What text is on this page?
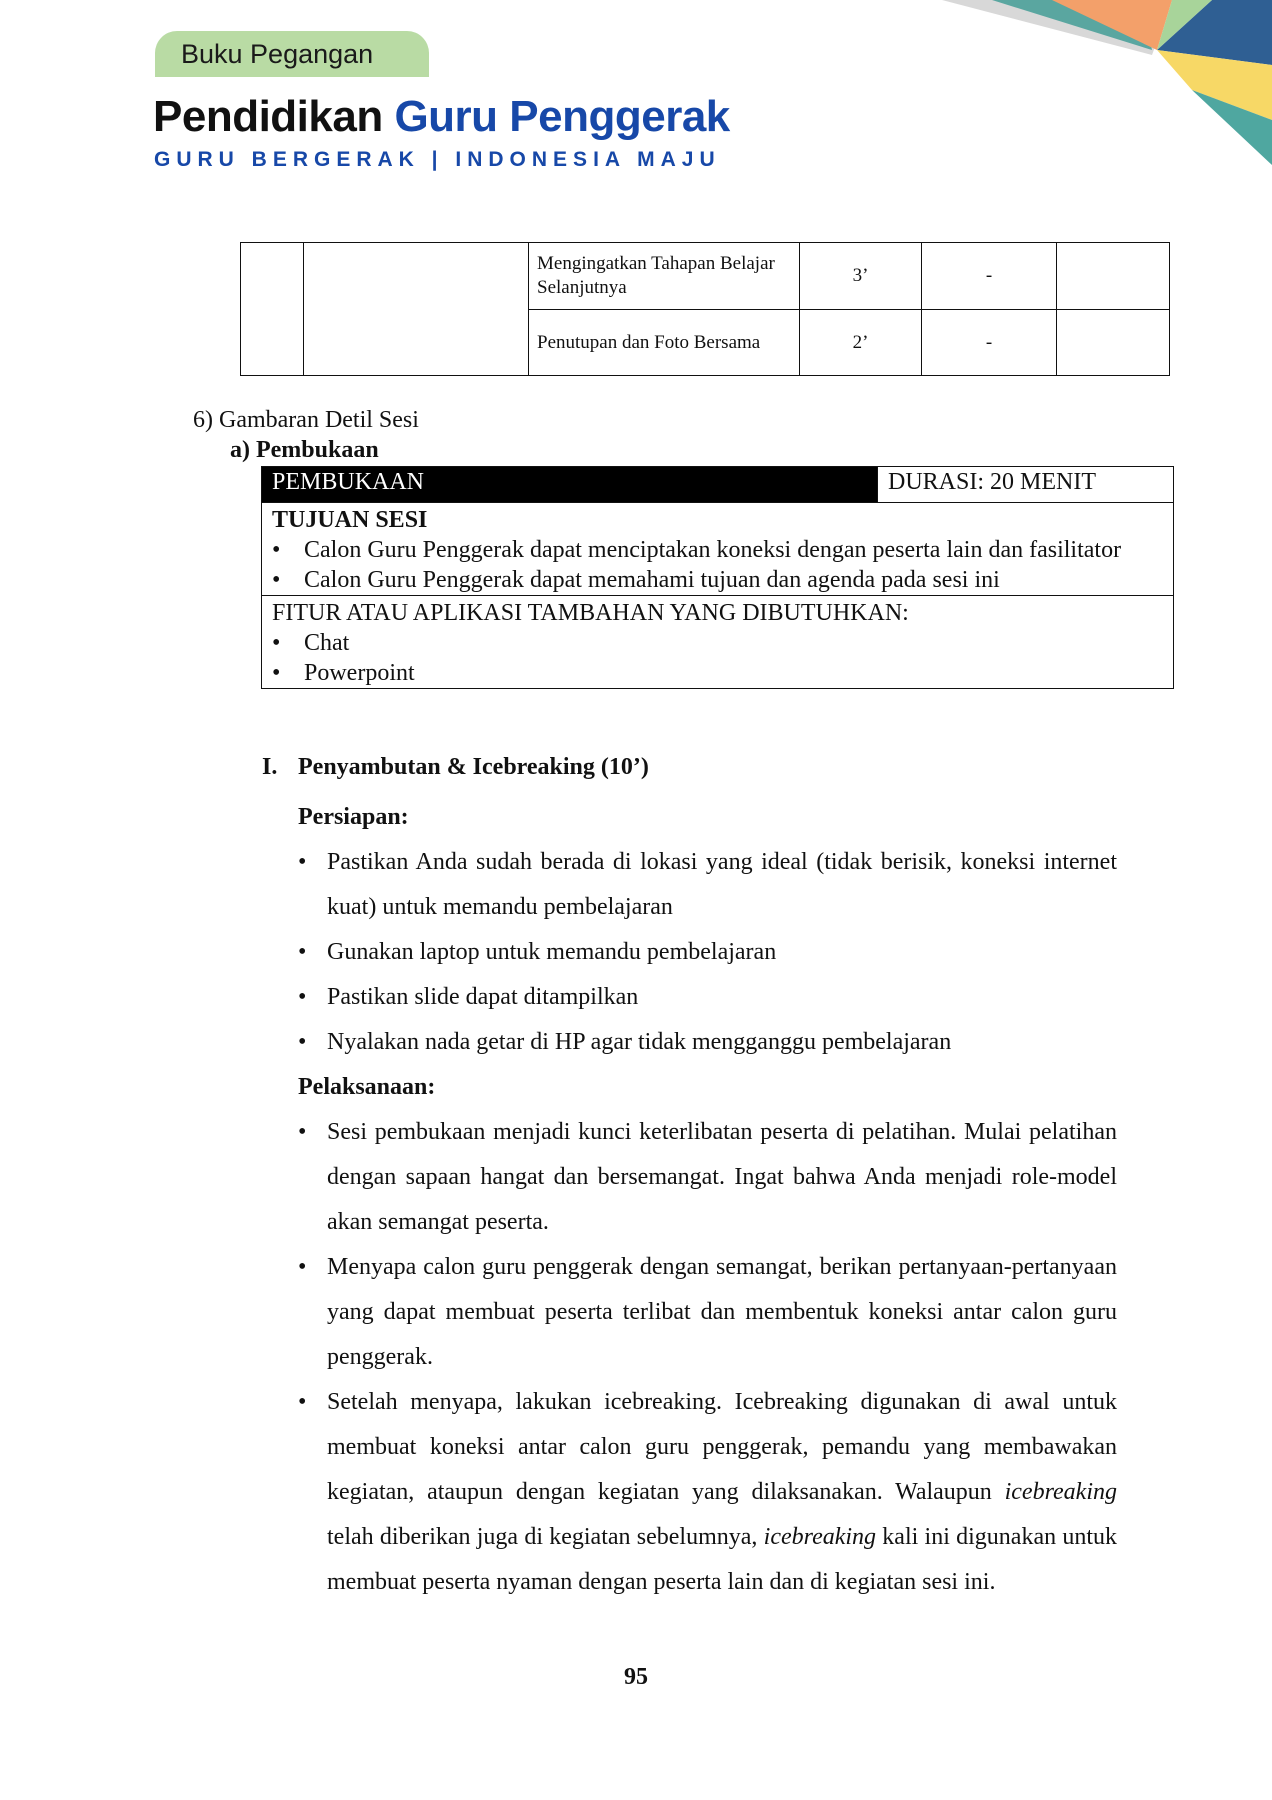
Buku Pegangan
Pendidikan Guru Penggerak
GURU BERGERAK | INDONESIA MAJU
		Mengingatkan Tahapan Belajar Selanjutnya	3’	-	
		Penutupan dan Foto Bersama	2’	-	
6) Gambaran Detil Sesi
a) Pembukaan
PEMBUKAAN	DURASI: 20 MENIT
TUJUAN SESI
• Calon Guru Penggerak dapat menciptakan koneksi dengan peserta lain dan fasilitator
• Calon Guru Penggerak dapat memahami tujuan dan agenda pada sesi ini
FITUR ATAU APLIKASI TAMBAHAN YANG DIBUTUHKAN:
• Chat
• Powerpoint
I. Penyambutan & Icebreaking (10’)
Persiapan:
• Pastikan Anda sudah berada di lokasi yang ideal (tidak berisik, koneksi internet kuat) untuk memandu pembelajaran
• Gunakan laptop untuk memandu pembelajaran
• Pastikan slide dapat ditampilkan
• Nyalakan nada getar di HP agar tidak mengganggu pembelajaran
Pelaksanaan:
• Sesi pembukaan menjadi kunci keterlibatan peserta di pelatihan. Mulai pelatihan dengan sapaan hangat dan bersemangat. Ingat bahwa Anda menjadi role-model akan semangat peserta.
• Menyapa calon guru penggerak dengan semangat, berikan pertanyaan-pertanyaan yang dapat membuat peserta terlibat dan membentuk koneksi antar calon guru penggerak.
• Setelah menyapa, lakukan icebreaking. Icebreaking digunakan di awal untuk membuat koneksi antar calon guru penggerak, pemandu yang membawakan kegiatan, ataupun dengan kegiatan yang dilaksanakan. Walaupun icebreaking telah diberikan juga di kegiatan sebelumnya, icebreaking kali ini digunakan untuk membuat peserta nyaman dengan peserta lain dan di kegiatan sesi ini.
95
